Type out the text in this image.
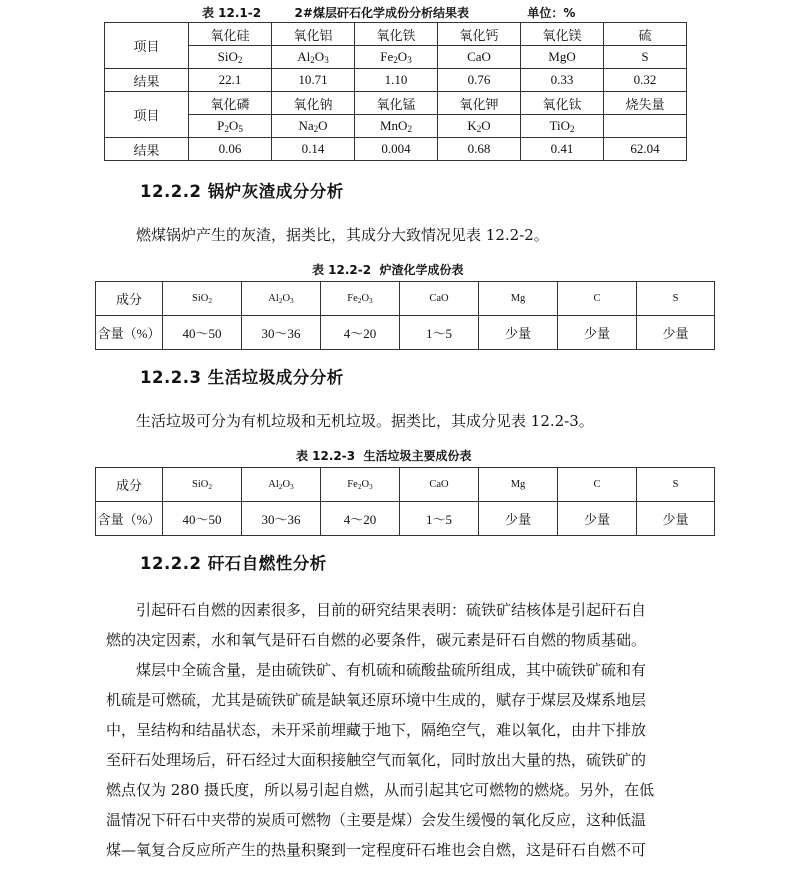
表 12.1-2        2#煤层矸石化学成份分析结果表              单位：%
项目	氧化硅	氧化铝	氧化铁	氧化钙	氧化镁	硫
	SiO$_2$	$Al_2O_3$	$Fe_2O_3$	CaO	MgO	S
结果	22.1	10.71	1.10	0.76	0.33	0.32
项目	氧化磷	氧化钠	氧化锰	氧化钾	氧化钛	烧失量
	$P_2O_5$	$Na_2O$	MnO$_2$	$K_2O$	TiO$_2$	
结果	0.06	0.14	0.004	0.68	0.41	62.04
12.2.2 锅炉灰渣成分分析
燃煤锅炉产生的灰渣，据类比，其成分大致情况见表 12.2-2。
表 12.2-2  炉渣化学成份表
成分	SiO$_2$	$Al_2O_3$	$Fe_2O_3$	CaO	Mg	C	S
含量（%）	40～50	30～36	4～20	1～5	少量	少量	少量
12.2.3 生活垃圾成分分析
生活垃圾可分为有机垃圾和无机垃圾。据类比，其成分见表 12.2-3。
表 12.2-3  生活垃圾主要成份表
成分	SiO$_2$	$Al_2O_3$	$Fe_2O_3$	CaO	Mg	C	S
含量（%）	40～50	30～36	4～20	1～5	少量	少量	少量
12.2.2 矸石自燃性分析
引起矸石自燃的因素很多，目前的研究结果表明：硫铁矿结核体是引起矸石自
燃的决定因素，水和氧气是矸石自燃的必要条件，碳元素是矸石自燃的物质基础。
煤层中全硫含量，是由硫铁矿、有机硫和硫酸盐硫所组成，其中硫铁矿硫和有
机硫是可燃硫，尤其是硫铁矿硫是缺氧还原环境中生成的，赋存于煤层及煤系地层
中，呈结构和结晶状态，未开采前埋藏于地下，隔绝空气，难以氧化，由井下排放
至矸石处理场后，矸石经过大面积接触空气而氧化，同时放出大量的热，硫铁矿的
燃点仅为 280 摄氏度，所以易引起自燃，从而引起其它可燃物的燃烧。另外，在低
温情况下矸石中夹带的炭质可燃物（主要是煤）会发生缓慢的氧化反应，这种低温
煤—氧复合反应所产生的热量积聚到一定程度矸石堆也会自燃，这是矸石自燃不可
